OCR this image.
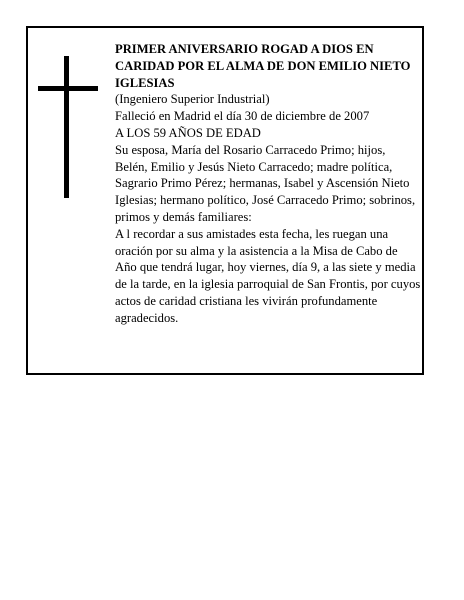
PRIMER ANIVERSARIO ROGAD A DIOS EN CARIDAD POR EL ALMA DE DON EMILIO NIETO IGLESIAS

(Ingeniero Superior Industrial)

Falleció en Madrid el día 30 de diciembre de 2007

A LOS 59 AÑOS DE EDAD

Su esposa, María del Rosario Carracedo Primo; hijos, Belén, Emilio y Jesús Nieto Carracedo; madre política, Sagrario Primo Pérez; hermanas, Isabel y Ascensión Nieto Iglesias; hermano político, José Carracedo Primo; sobrinos, primos y demás familiares:

A l recordar a sus amistades esta fecha, les ruegan una oración por su alma y la asistencia a la Misa de Cabo de Año que tendrá lugar, hoy viernes, día 9, a las siete y media de la tarde, en la iglesia parroquial de San Frontis, por cuyos actos de caridad cristiana les vivirán profundamente agradecidos.
